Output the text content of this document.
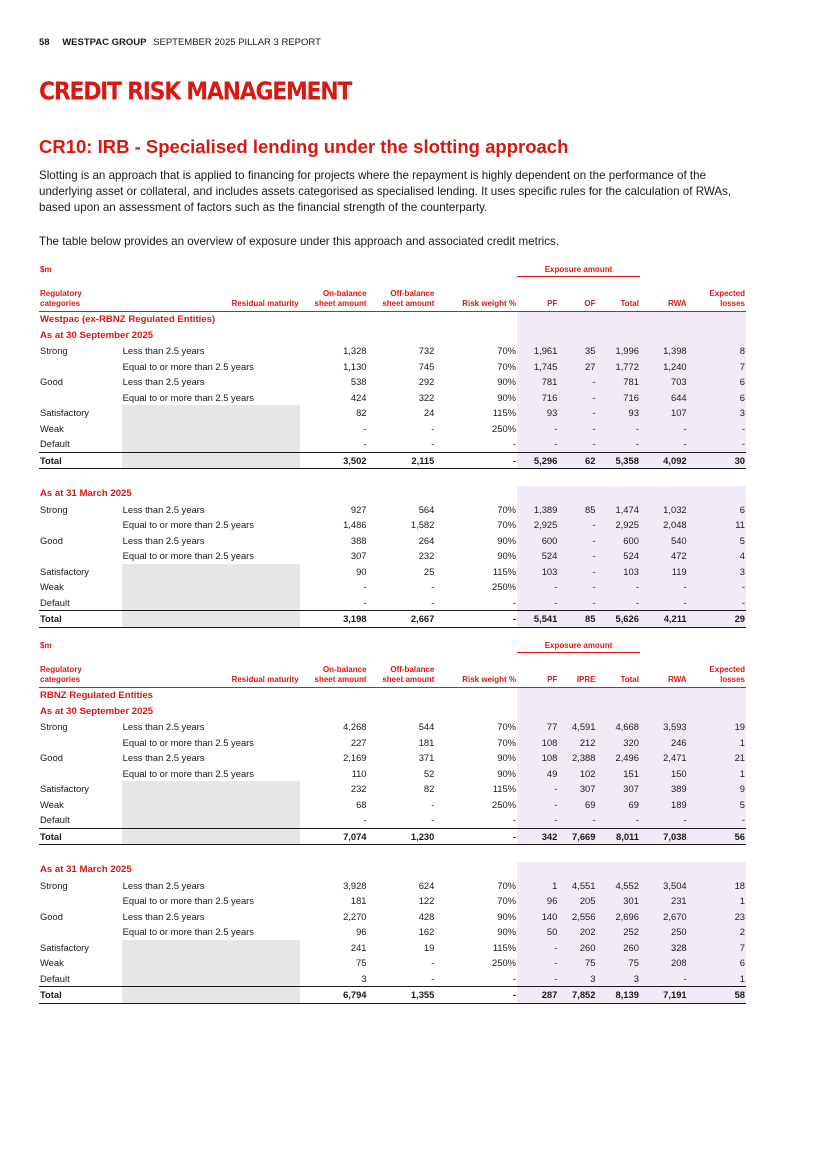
58 WESTPAC GROUP SEPTEMBER 2025 PILLAR 3 REPORT
CREDIT RISK MANAGEMENT
CR10: IRB - Specialised lending under the slotting approach
Slotting is an approach that is applied to financing for projects where the repayment is highly dependent on the performance of the underlying asset or collateral, and includes assets categorised as specialised lending. It uses specific rules for the calculation of RWAs, based upon an assessment of factors such as the financial strength of the counterparty.
The table below provides an overview of exposure under this approach and associated credit metrics.
$m					Exposure amount				
Regulatory categories	Residual maturity	On-balance sheet amount	Off-balance sheet amount	Risk weight %	PF	OF	Total	RWA	Expected losses
Westpac (ex-RBNZ Regulated Entities)									
As at 30 September 2025									
Strong	Less than 2.5 years	1,328	732	70%	1,961	35	1,996	1,398	8
	Equal to or more than 2.5 years	1,130	745	70%	1,745	27	1,772	1,240	7
Good	Less than 2.5 years	538	292	90%	781	-	781	703	6
	Equal to or more than 2.5 years	424	322	90%	716	-	716	644	6
Satisfactory		82	24	115%	93	-	93	107	3
Weak		-	-	250%	-	-	-	-	-
Default		-	-	-	-	-	-	-	-
Total		3,502	2,115	-	5,296	62	5,358	4,092	30

As at 31 March 2025									
Strong	Less than 2.5 years	927	564	70%	1,389	85	1,474	1,032	6
	Equal to or more than 2.5 years	1,486	1,582	70%	2,925	-	2,925	2,048	11
Good	Less than 2.5 years	388	264	90%	600	-	600	540	5
	Equal to or more than 2.5 years	307	232	90%	524	-	524	472	4
Satisfactory		90	25	115%	103	-	103	119	3
Weak		-	-	250%	-	-	-	-	-
Default		-	-	-	-	-	-	-	-
Total		3,198	2,667	-	5,541	85	5,626	4,211	29
$m					Exposure amount				
Regulatory categories	Residual maturity	On-balance sheet amount	Off-balance sheet amount	Risk weight %	PF	IPRE	Total	RWA	Expected losses
RBNZ Regulated Entities									
As at 30 September 2025									
Strong	Less than 2.5 years	4,268	544	70%	77	4,591	4,668	3,593	19
	Equal to or more than 2.5 years	227	181	70%	108	212	320	246	1
Good	Less than 2.5 years	2,169	371	90%	108	2,388	2,496	2,471	21
	Equal to or more than 2.5 years	110	52	90%	49	102	151	150	1
Satisfactory		232	82	115%	-	307	307	389	9
Weak		68	-	250%	-	69	69	189	5
Default		-	-	-	-	-	-	-	-
Total		7,074	1,230	-	342	7,669	8,011	7,038	56

As at 31 March 2025									
Strong	Less than 2.5 years	3,928	624	70%	1	4,551	4,552	3,504	18
	Equal to or more than 2.5 years	181	122	70%	96	205	301	231	1
Good	Less than 2.5 years	2,270	428	90%	140	2,556	2,696	2,670	23
	Equal to or more than 2.5 years	96	162	90%	50	202	252	250	2
Satisfactory		241	19	115%	-	260	260	328	7
Weak		75	-	250%	-	75	75	208	6
Default		3	-	-	-	3	3	-	1
Total		6,794	1,355	-	287	7,852	8,139	7,191	58
